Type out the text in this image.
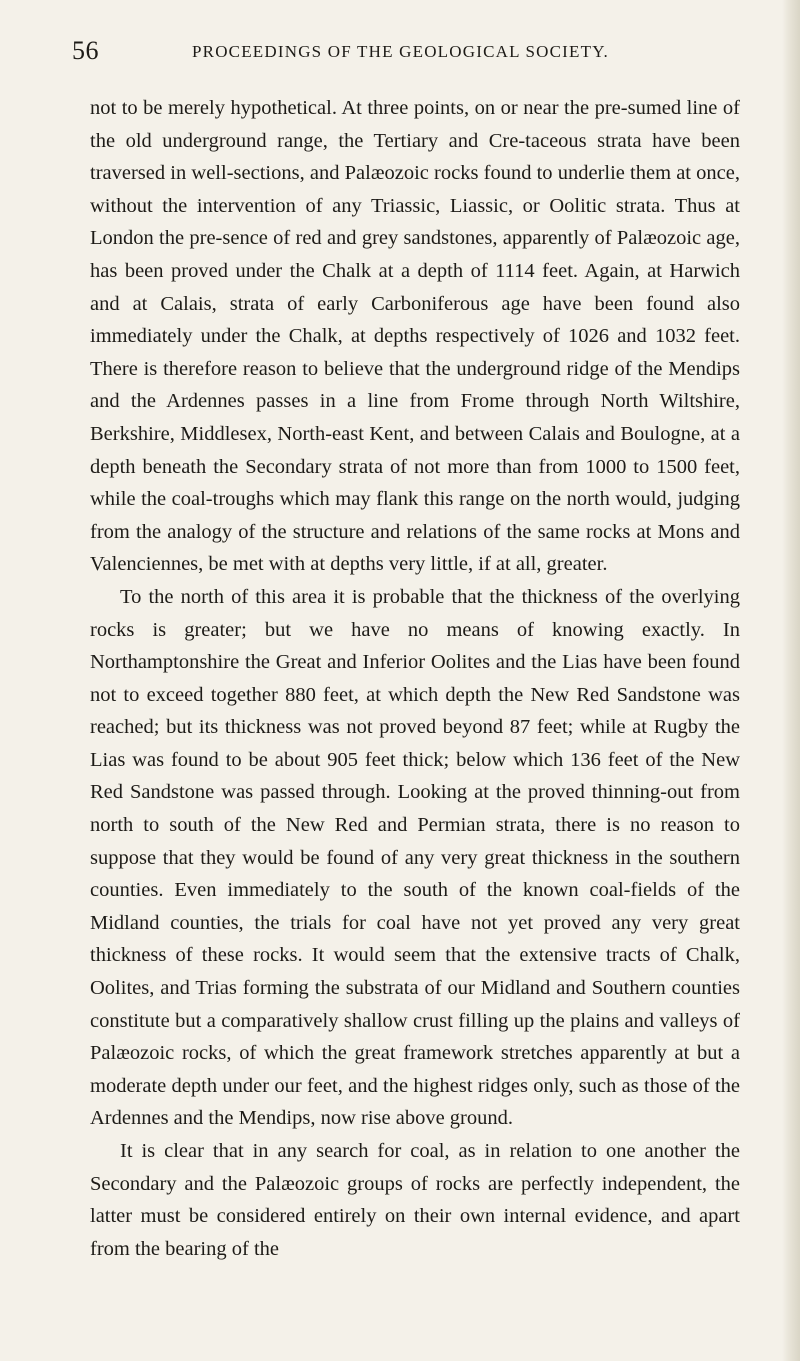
56	PROCEEDINGS OF THE GEOLOGICAL SOCIETY.

not to be merely hypothetical. At three points, on or near the pre-sumed line of the old underground range, the Tertiary and Cre-taceous strata have been traversed in well-sections, and Palæozoic rocks found to underlie them at once, without the intervention of any Triassic, Liassic, or Oolitic strata. Thus at London the pre-sence of red and grey sandstones, apparently of Palæozoic age, has been proved under the Chalk at a depth of 1114 feet. Again, at Harwich and at Calais, strata of early Carboniferous age have been found also immediately under the Chalk, at depths respectively of 1026 and 1032 feet. There is therefore reason to believe that the underground ridge of the Mendips and the Ardennes passes in a line from Frome through North Wiltshire, Berkshire, Middlesex, North-east Kent, and between Calais and Boulogne, at a depth beneath the Secondary strata of not more than from 1000 to 1500 feet, while the coal-troughs which may flank this range on the north would, judging from the analogy of the structure and relations of the same rocks at Mons and Valenciennes, be met with at depths very little, if at all, greater.

To the north of this area it is probable that the thickness of the overlying rocks is greater; but we have no means of knowing exactly. In Northamptonshire the Great and Inferior Oolites and the Lias have been found not to exceed together 880 feet, at which depth the New Red Sandstone was reached; but its thickness was not proved beyond 87 feet; while at Rugby the Lias was found to be about 905 feet thick; below which 136 feet of the New Red Sandstone was passed through. Looking at the proved thinning-out from north to south of the New Red and Permian strata, there is no reason to suppose that they would be found of any very great thickness in the southern counties. Even immediately to the south of the known coal-fields of the Midland counties, the trials for coal have not yet proved any very great thickness of these rocks. It would seem that the extensive tracts of Chalk, Oolites, and Trias forming the substrata of our Midland and Southern counties constitute but a comparatively shallow crust filling up the plains and valleys of Palæozoic rocks, of which the great framework stretches apparently at but a moderate depth under our feet, and the highest ridges only, such as those of the Ardennes and the Mendips, now rise above ground.

It is clear that in any search for coal, as in relation to one another the Secondary and the Palæozoic groups of rocks are perfectly independent, the latter must be considered entirely on their own internal evidence, and apart from the bearing of the
